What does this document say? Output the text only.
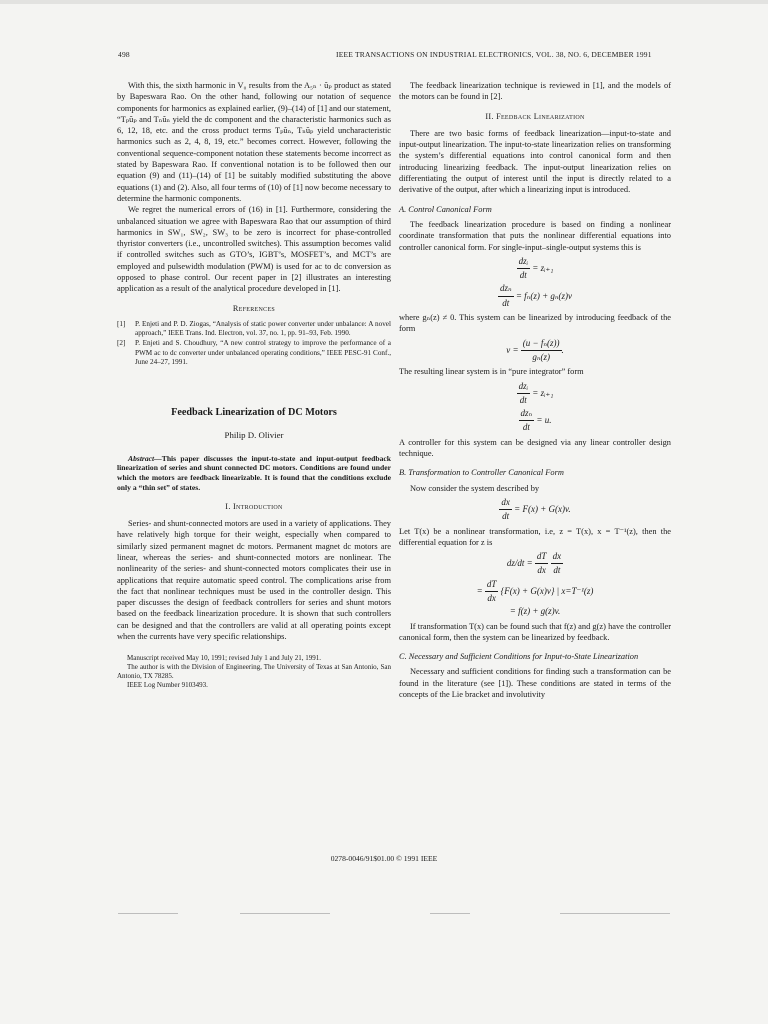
498	IEEE TRANSACTIONS ON INDUSTRIAL ELECTRONICS, VOL. 38, NO. 6, DECEMBER 1991

With this, the sixth harmonic in V₀ results from the A₅ₙ · ũₚ product as stated by Bapeswara Rao. On the other hand, following our notation of sequence components for harmonics as explained earlier, (9)–(14) of [1] and our statement, “Tₚũₚ and Tₙũₙ yield the dc component and the characteristic harmonics such as 6, 12, 18, etc. and the cross product terms Tₚũₙ, Tₙũₚ yield uncharacteristic harmonics such as 2, 4, 8, 19, etc.” becomes correct. However, following the conventional sequence-component notation these statements become incorrect as stated by Bapeswara Rao. If conventional notation is to be followed then our equation (9) and (11)–(14) of [1] be suitably modified substituting the above equations (1) and (2). Also, all four terms of (10) of [1] now become necessary to determine the harmonic components.

We regret the numerical errors of (16) in [1]. Furthermore, considering the unbalanced situation we agree with Bapeswara Rao that our assumption of third harmonics in SW₁, SW₂, SW₃ to be zero is incorrect for phase-controlled thyristor converters (i.e., uncontrolled switches). This assumption becomes valid if controlled switches such as GTO’s, IGBT’s, MOSFET’s, and MCT’s are employed and pulsewidth modulation (PWM) is used for ac to dc conversion as opposed to phase control. Our recent paper in [2] illustrates an interesting application as a result of the analytical procedure developed in [1].

References
[1]	P. Enjeti and P. D. Ziogas, “Analysis of static power converter under unbalance: A novel approach,” IEEE Trans. Ind. Electron, vol. 37, no. 1, pp. 91–93, Feb. 1990.
[2]	P. Enjeti and S. Choudhury, “A new control strategy to improve the performance of a PWM ac to dc converter under unbalanced operating conditions,” IEEE PESC-91 Conf., June 24–27, 1991.
Feedback Linearization of DC Motors
Philip D. Olivier

Abstract—This paper discusses the input-to-state and input-output feedback linearization of series and shunt connected DC motors. Conditions are found under which the motors are feedback linearizable. It is found that the conditions exclude only a “thin set” of states.

I. Introduction

Series- and shunt-connected motors are used in a variety of applications. They have relatively high torque for their weight, especially when compared to similarly sized permanent magnet dc motors. Permanent magnet dc motors are linear, whereas the series- and shunt-connected motors are nonlinear. The nonlinearity of the series- and shunt-connected motors complicates their use in applications that require automatic speed control. The complications arise from the fact that nonlinear techniques must be used in the controller design. This paper discusses the design of feedback controllers for series and shunt motors based on the feedback linearization procedure. It is shown that such controllers can be designed and that the controllers are valid at all operating points except when the currents have very specific relationships.

Manuscript received May 10, 1991; revised July 1 and July 21, 1991.

The author is with the Division of Engineering, The University of Texas at San Antonio, San Antonio, TX 78285.

IEEE Log Number 9103493.

The feedback linearization technique is reviewed in [1], and the models of the motors can be found in [2].

II. Feedback Linearization

There are two basic forms of feedback linearization—input-to-state and input-output linearization. The input-to-state linearization relies on transforming the system’s differential equations into control canonical form and then introducing linearizing feedback. The input-output linearization relies on differentiating the output of interest until the input is directly related to a derivative of the output, after which a linearizing input is introduced.

A. Control Canonical Form

The feedback linearization procedure is based on finding a nonlinear coordinate transformation that puts the nonlinear differential equations into controller canonical form. For single-input–single-output systems this is

$\frac{\text{dzᵢ}}{dt}$
= zᵢ₊₁
$\frac{\text{dzₙ}}{dt}$
= fₙ(z) + gₙ(z)v

where gₙ(z) ≠ 0. This system can be linearized by introducing feedback of the form

v =
$\frac{\text{(u − fₙ(z))}}{\text{gₙ(z)}}$ .

The resulting linear system is in “pure integrator” form

$\frac{\text{dzᵢ}}{dt}$
= zᵢ₊₁
$\frac{\text{dzₙ}}{dt}$
= u.

A controller for this system can be designed via any linear controller design technique.

B. Transformation to Controller Canonical Form

Now consider the system described by

$\frac{dx}{dt}$
= F(x) + G(x)v.

Let T(x) be a nonlinear transformation, i.e, z = T(x), x = T⁻¹(z), then the differential equation for z is

dz/dt =
$\frac{dT}{dx}$
$\frac{dx}{dt}$
=
$\frac{dT}{dx}$
{F(x) + G(x)v} | x=T⁻¹(z)
= f(z) + g(z)v.

If transformation T(x) can be found such that f(z) and g(z) have the controller canonical form, then the system can be linearized by feedback.

C. Necessary and Sufficient Conditions for Input-to-State Linearization

Necessary and sufficient conditions for finding such a transformation can be found in the literature (see [1]). These conditions are stated in terms of the concepts of the Lie bracket and involutivity

0278-0046/91$01.00 © 1991 IEEE
